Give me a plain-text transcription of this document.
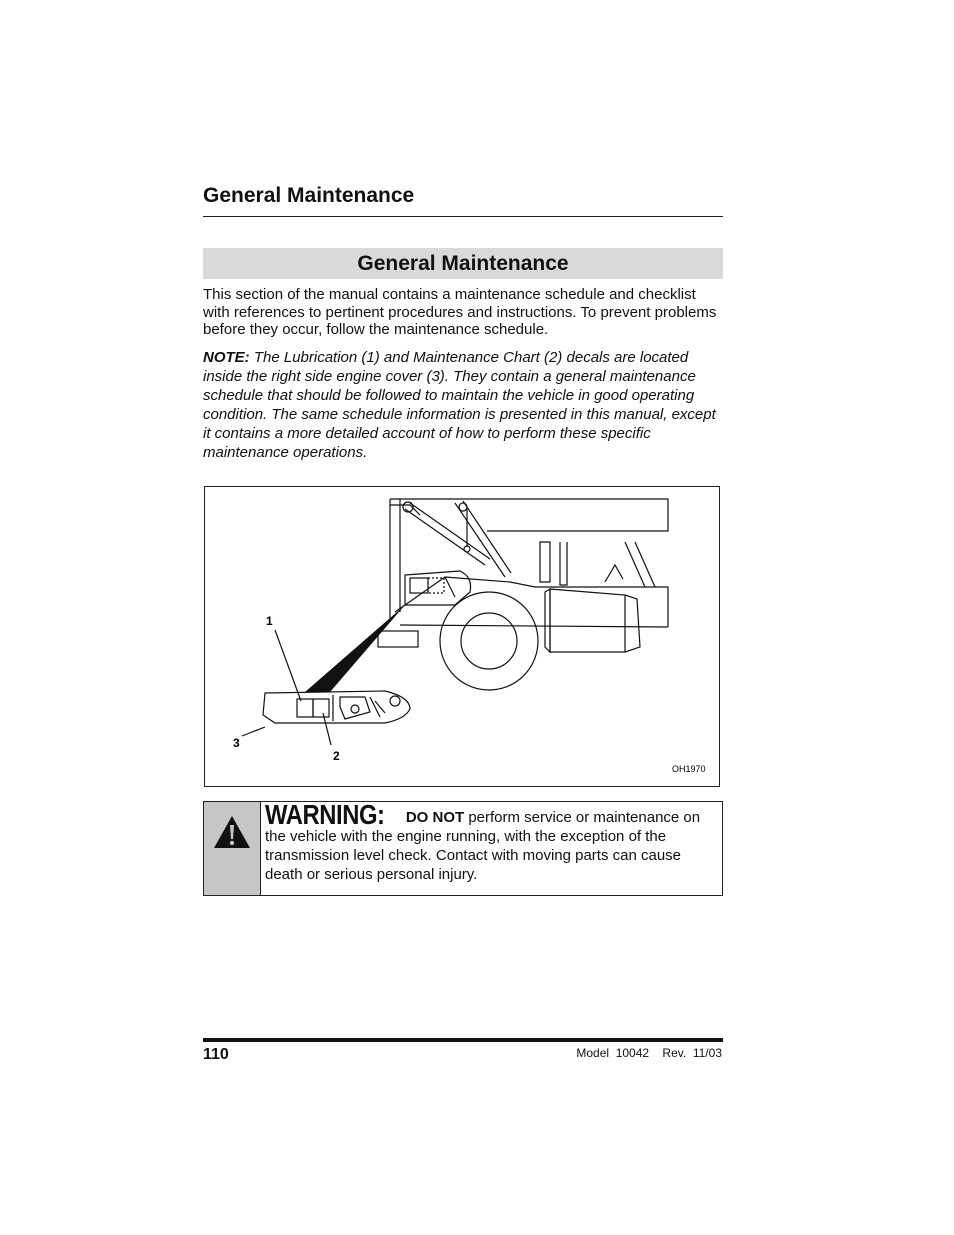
General Maintenance
General Maintenance

This section of the manual contains a maintenance schedule and checklist with references to pertinent procedures and instructions. To prevent problems before they occur, follow the maintenance schedule.

NOTE: The Lubrication (1) and Maintenance Chart (2) decals are located inside the right side engine cover (3). They contain a general maintenance schedule that should be followed to maintain the vehicle in good operating condition. The same schedule information is presented in this manual, except it contains a more detailed account of how to perform these specific maintenance operations.

1
2
3
OH1970
WARNING: DO NOT perform service or maintenance on the vehicle with the engine running, with the exception of the transmission level check. Contact with moving parts can cause death or serious personal injury.
110	Model  10042    Rev.  11/03
